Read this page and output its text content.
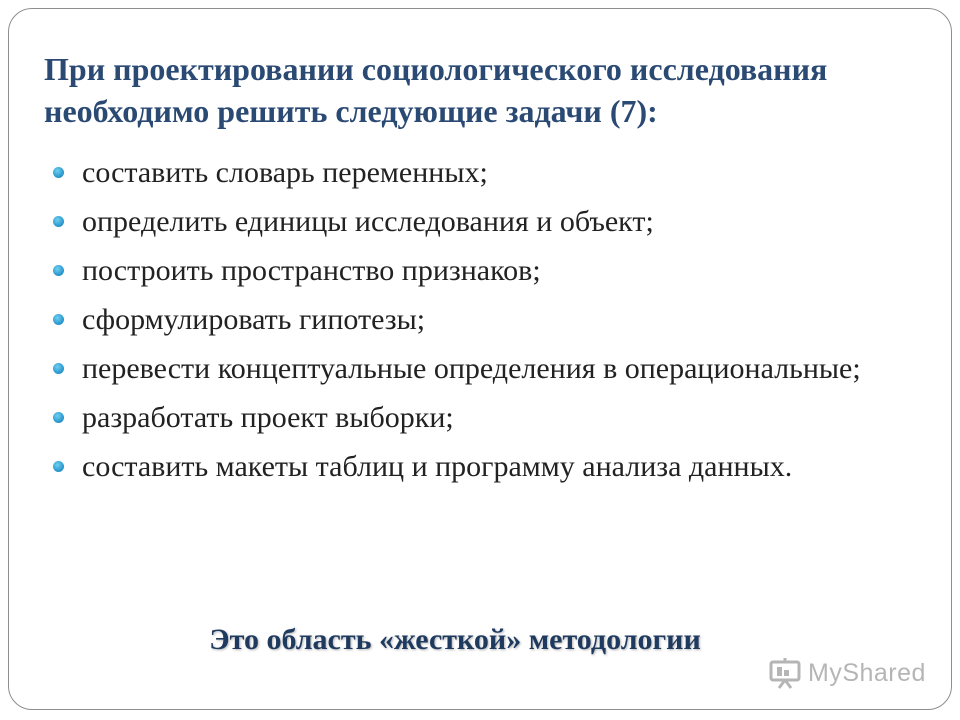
При проектировании социологического исследования необходимо решить следующие задачи (7):
составить словарь переменных;
определить единицы исследования и объект;
построить пространство признаков;
сформулировать гипотезы;
перевести концептуальные определения в операциональные;
разработать проект выборки;
составить макеты таблиц и программу анализа данных.

Это область «жесткой» методологии

MyShared
